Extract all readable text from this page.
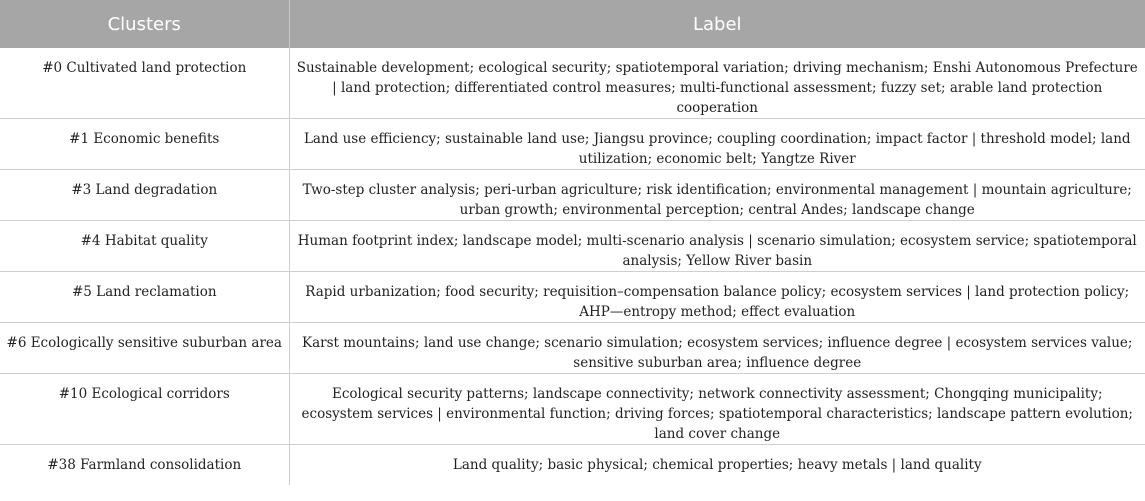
Clusters	Label
#0 Cultivated land protection	Sustainable development; ecological security; spatiotemporal variation; driving mechanism; Enshi Autonomous Prefecture | land protection; differentiated control measures; multi-functional assessment; fuzzy set; arable land protection cooperation
#1 Economic benefits	Land use efficiency; sustainable land use; Jiangsu province; coupling coordination; impact factor | threshold model; land utilization; economic belt; Yangtze River
#3 Land degradation	Two-step cluster analysis; peri-urban agriculture; risk identification; environmental management | mountain agriculture; urban growth; environmental perception; central Andes; landscape change
#4 Habitat quality	Human footprint index; landscape model; multi-scenario analysis | scenario simulation; ecosystem service; spatiotemporal analysis; Yellow River basin
#5 Land reclamation	Rapid urbanization; food security; requisition–compensation balance policy; ecosystem services | land protection policy; AHP—entropy method; effect evaluation
#6 Ecologically sensitive suburban area	Karst mountains; land use change; scenario simulation; ecosystem services; influence degree | ecosystem services value; sensitive suburban area; influence degree
#10 Ecological corridors	Ecological security patterns; landscape connectivity; network connectivity assessment; Chongqing municipality; ecosystem services | environmental function; driving forces; spatiotemporal characteristics; landscape pattern evolution; land cover change
#38 Farmland consolidation	Land quality; basic physical; chemical properties; heavy metals | land quality
